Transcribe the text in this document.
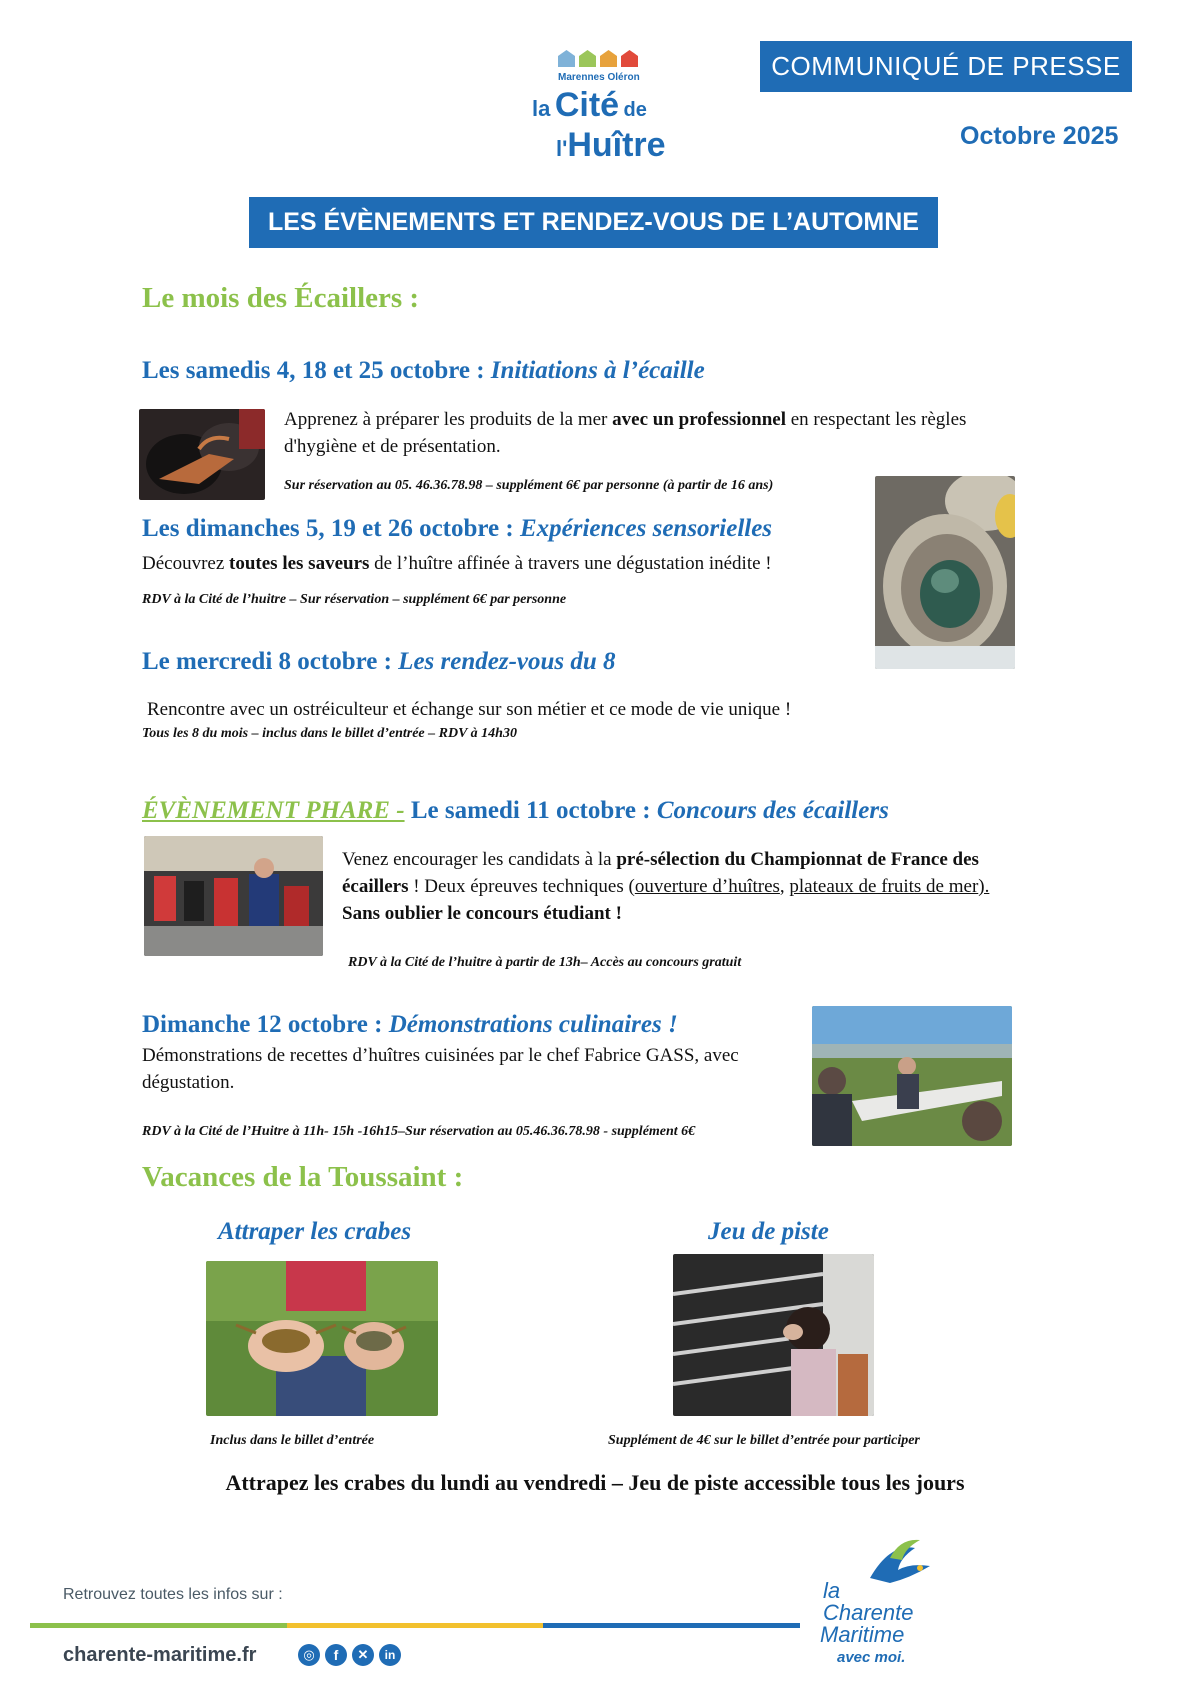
Marennes Oléron
la Cité de
l'Huître
COMMUNIQUÉ DE PRESSE
Octobre 2025
LES ÉVÈNEMENTS ET RENDEZ-VOUS DE L’AUTOMNE
Le mois des Écaillers :
Les samedis 4, 18 et 25 octobre : Initiations à l’écaille
Apprenez à préparer les produits de la mer avec un professionnel en respectant les règles d'hygiène et de présentation.
Sur réservation au 05. 46.36.78.98 – supplément 6€ par personne (à partir de 16 ans)
Les dimanches 5, 19 et 26 octobre : Expériences sensorielles
Découvrez toutes les saveurs de l’huître affinée à travers une dégustation inédite !
RDV à la Cité de l’huitre – Sur réservation – supplément 6€ par personne
Le mercredi 8 octobre : Les rendez-vous du 8
Rencontre avec un ostréiculteur et échange sur son métier et ce mode de vie unique !
Tous les 8 du mois – inclus dans le billet d’entrée – RDV à 14h30
ÉVÈNEMENT PHARE - Le samedi 11 octobre : Concours des écaillers
Venez encourager les candidats à la pré-sélection du Championnat de France des écaillers ! Deux épreuves techniques (ouverture d’huîtres, plateaux de fruits de mer).
Sans oublier le concours étudiant !
RDV à la Cité de l’huitre à partir de 13h– Accès au concours gratuit
Dimanche 12 octobre : Démonstrations culinaires !
Démonstrations de recettes d’huîtres cuisinées par le chef Fabrice GASS, avec dégustation.
RDV à la Cité de l’Huitre à 11h- 15h -16h15–Sur réservation au 05.46.36.78.98 - supplément 6€
Vacances de la Toussaint :
Attraper les crabes
Inclus dans le billet d’entrée
Jeu de piste
Supplément de 4€ sur le billet d’entrée pour participer
Attrapez les crabes du lundi au vendredi – Jeu de piste accessible tous les jours
Retrouvez toutes les infos sur :
charente-maritime.fr	◎	f	✕	in
la
Charente
Maritime
avec moi.
